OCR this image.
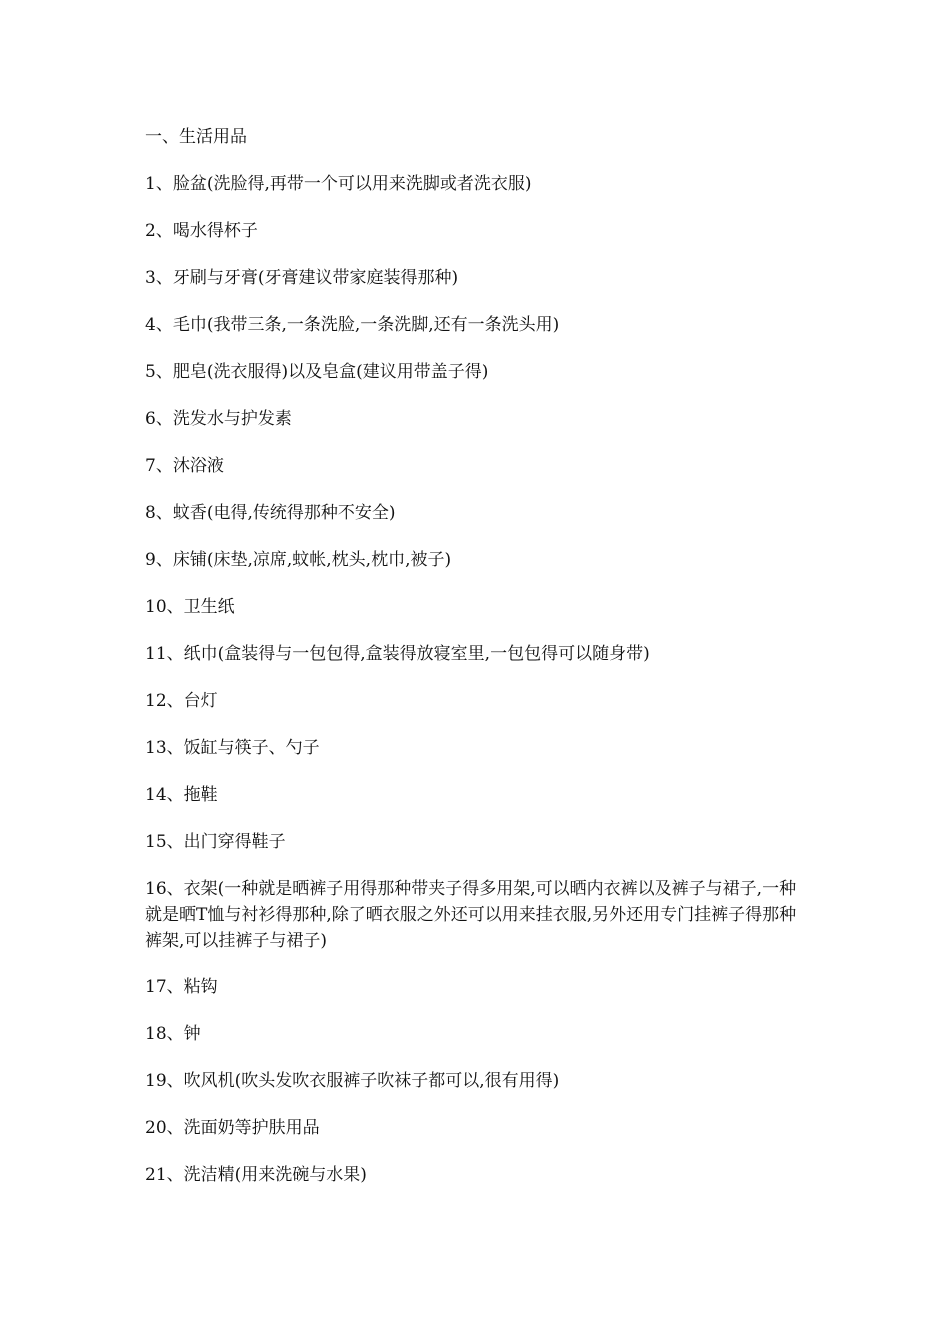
一、生活用品
1、脸盆(洗脸得,再带一个可以用来洗脚或者洗衣服)
2、喝水得杯子
3、牙刷与牙膏(牙膏建议带家庭装得那种)
4、毛巾(我带三条,一条洗脸,一条洗脚,还有一条洗头用)
5、肥皂(洗衣服得)以及皂盒(建议用带盖子得)
6、洗发水与护发素
7、沐浴液
8、蚊香(电得,传统得那种不安全)
9、床铺(床垫,凉席,蚊帐,枕头,枕巾,被子)
10、卫生纸
11、纸巾(盒装得与一包包得,盒装得放寝室里,一包包得可以随身带)
12、台灯
13、饭缸与筷子、勺子
14、拖鞋
15、出门穿得鞋子
16、衣架(一种就是晒裤子用得那种带夹子得多用架,可以晒内衣裤以及裤子与裙子,一种就是晒T恤与衬衫得那种,除了晒衣服之外还可以用来挂衣服,另外还用专门挂裤子得那种裤架,可以挂裤子与裙子)
17、粘钩
18、钟
19、吹风机(吹头发吹衣服裤子吹袜子都可以,很有用得)
20、洗面奶等护肤用品
21、洗洁精(用来洗碗与水果)
